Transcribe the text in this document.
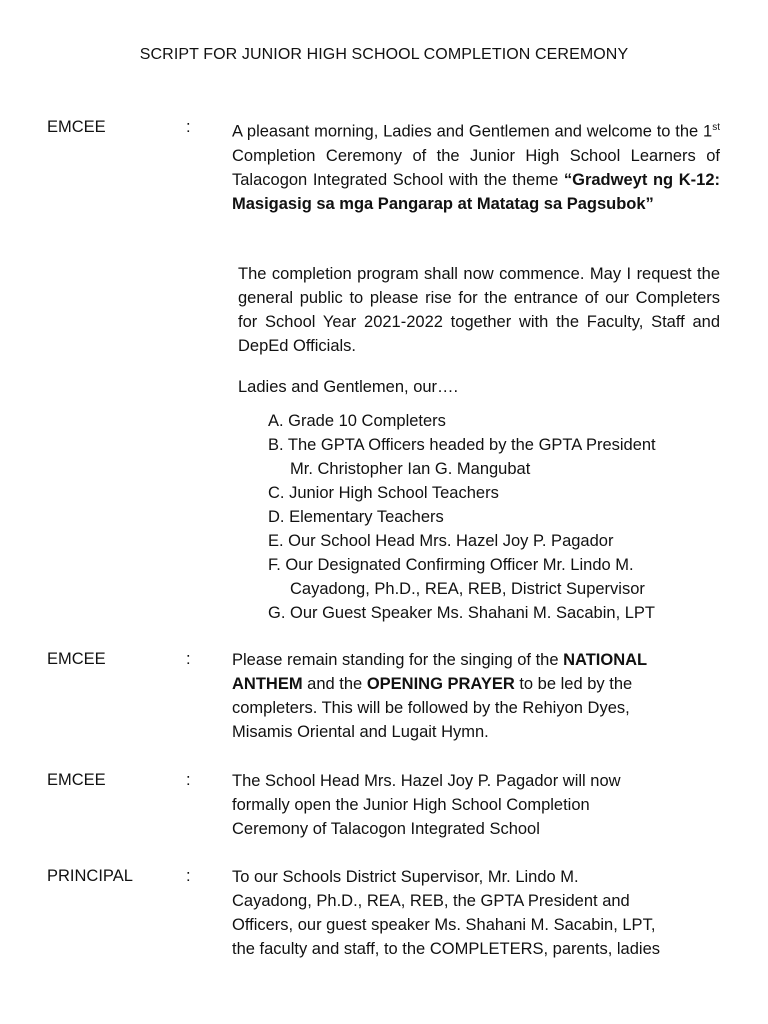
SCRIPT FOR JUNIOR HIGH SCHOOL COMPLETION CEREMONY
EMCEE	:	A pleasant morning, Ladies and Gentlemen and welcome to the 1st Completion Ceremony of the Junior High School Learners of Talacogon Integrated School with the theme “Gradweyt ng K-12: Masigasig sa mga Pangarap at Matatag sa Pagsubok”
The completion program shall now commence. May I request the general public to please rise for the entrance of our Completers for School Year 2021-2022 together with the Faculty, Staff and DepEd Officials.
Ladies and Gentlemen, our….
A. Grade 10 Completers
B. The GPTA Officers headed by the GPTA President
Mr. Christopher Ian G. Mangubat
C. Junior High School Teachers
D. Elementary Teachers
E. Our School Head Mrs. Hazel Joy P. Pagador
F. Our Designated Confirming Officer Mr. Lindo M.
Cayadong, Ph.D., REA, REB, District Supervisor
G. Our Guest Speaker Ms. Shahani M. Sacabin, LPT
EMCEE	:	Please remain standing for the singing of the NATIONAL
ANTHEM and the OPENING PRAYER to be led by the
completers. This will be followed by the Rehiyon Dyes,
Misamis Oriental and Lugait Hymn.
EMCEE	:	The School Head Mrs. Hazel Joy P. Pagador will now
formally open the Junior High School Completion
Ceremony of Talacogon Integrated School
PRINCIPAL	:	To our Schools District Supervisor, Mr. Lindo M.
Cayadong, Ph.D., REA, REB, the GPTA President and
Officers, our guest speaker Ms. Shahani M. Sacabin, LPT,
the faculty and staff, to the COMPLETERS, parents, ladies
